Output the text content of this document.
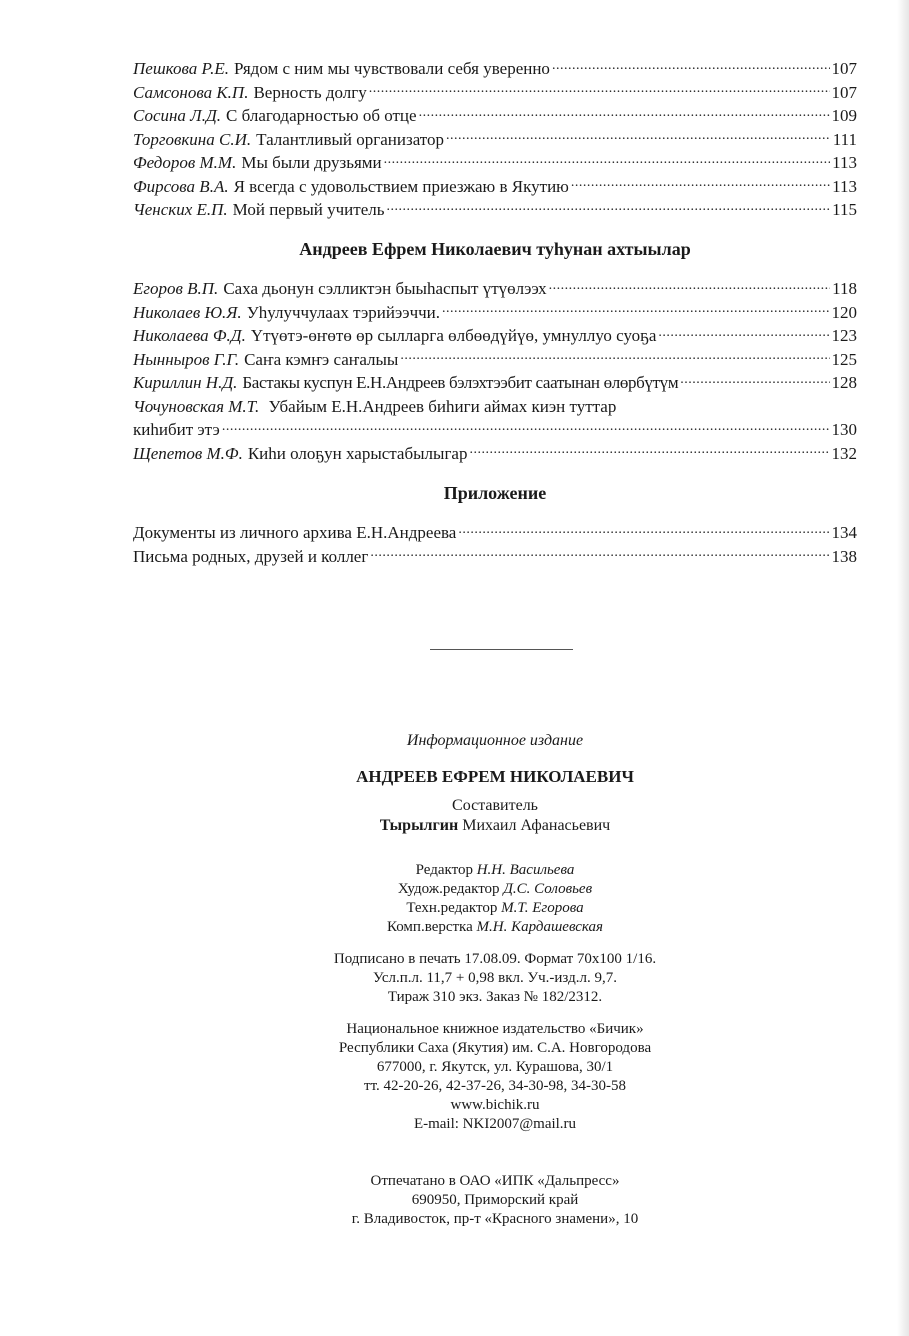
Пешкова Р.Е. Рядом с ним мы чувствовали себя уверенно .....	107
Самсонова К.П. Верность долгу .....	107
Сосина Л.Д. С благодарностью об отце .....	109
Торговкина С.И. Талантливый организатор .....	111
Федоров М.М. Мы были друзьями .....	113
Фирсова В.А. Я всегда с удовольствием приезжаю в Якутию .....	113
Ченских Е.П. Мой первый учитель .....	115
Андреев Ефрем Николаевич туһунан ахтыылар
Егоров В.П. Саха дьонун сэлликтэн быыһаспыт үтүөлээх .....	118
Николаев Ю.Я. Уһулуччулаах тэрийээччи. .....	120
Николаева Ф.Д. Үтүөтэ-өҥөтө өр сылларга өлбөөдүйүө, умнуллуо суоҕа .....	123
Нынныров Г.Г. Саҥа кэмҥэ саҥалыы .....	125
Кириллин Н.Д. Бастакы куспун Е.Н.Андреев бэлэхтээбит саатынан өлөрбүтүм .....	128
Чочуновская М.Т. Убайым Е.Н.Андреев биһиги аймах киэн туттар
киһибит этэ .....	130
Щепетов М.Ф. Киһи олоҕун харыстабылыгар .....	132
Приложение
Документы из личного архива Е.Н.Андреева .....	134
Письма родных, друзей и коллег .....	138
Информационное издание
АНДРЕЕВ ЕФРЕМ НИКОЛАЕВИЧ
Составитель
Тырылгин Михаил Афанасьевич
Редактор Н.Н. Васильева
Худож.редактор Д.С. Соловьев
Техн.редактор М.Т. Егорова
Комп.верстка М.Н. Кардашевская
Подписано в печать 17.08.09. Формат 70x100 1/16.
Усл.п.л. 11,7 + 0,98 вкл. Уч.-изд.л. 9,7.
Тираж 310 экз. Заказ № 182/2312.
Национальное книжное издательство «Бичик»
Республики Саха (Якутия) им. С.А. Новгородова
677000, г. Якутск, ул. Курашова, 30/1
тт. 42-20-26, 42-37-26, 34-30-98, 34-30-58
www.bichik.ru
E-mail: NKI2007@mail.ru
Отпечатано в ОАО «ИПК «Дальпресс»
690950, Приморский край
г. Владивосток, пр-т «Красного знамени», 10
